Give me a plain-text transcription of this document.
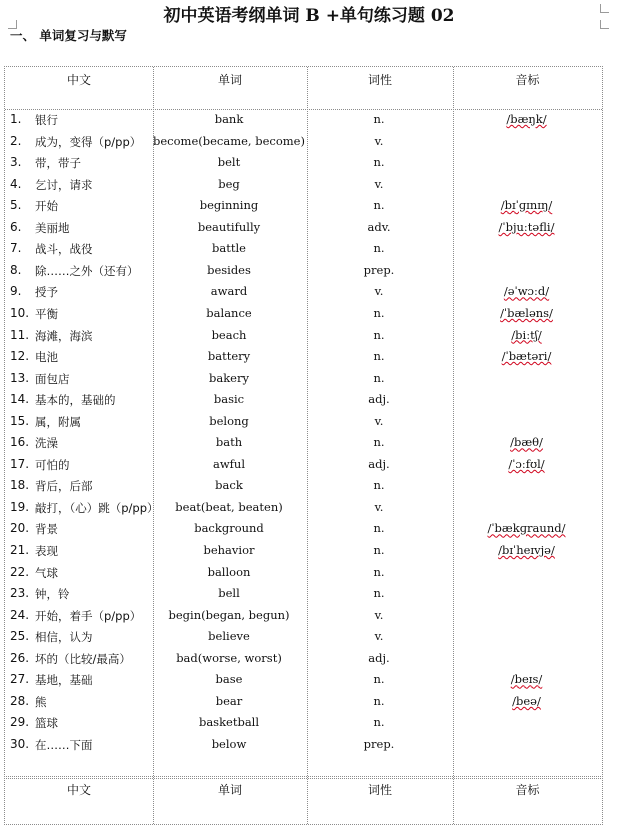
初中英语考纲单词 B +单句练习题 02
一、 单词复习与默写
中文	单词	词性	音标
中文	单词	词性	音标
1.	银行	bank	n.	/bæŋk/
2.	成为，变得（p/pp）	become(became, become)	v.
3.	带，带子	belt	n.
4.	乞讨，请求	beg	v.
5.	开始	beginning	n.	/bɪˈɡɪnɪŋ/
6.	美丽地	beautifully	adv.	/ˈbjuːtəfli/
7.	战斗，战役	battle	n.
8.	除……之外（还有）	besides	prep.
9.	授予	award	v.	/əˈwɔːd/
10. 平衡	balance	n.	/ˈbæləns/
11. 海滩，海滨	beach	n.	/biːtʃ/
12. 电池	battery	n.	/ˈbætəri/
13. 面包店	bakery	n.
14. 基本的，基础的	basic	adj.
15. 属，附属	belong	v.
16. 洗澡	bath	n.	/bæθ/
17. 可怕的	awful	adj.	/ˈɔːfʊl/
18. 背后，后部	back	n.
19. 敲打，（心）跳（p/pp）	beat(beat, beaten)	v.
20. 背景	background	n.	/ˈbækɡraund/
21. 表现	behavior	n.	/bɪˈheɪvjə/
22. 气球	balloon	n.
23. 钟，铃	bell	n.
24. 开始，着手（p/pp）	begin(began, begun)	v.
25. 相信，认为	believe	v.
26. 坏的（比较/最高）	bad(worse, worst)	adj.
27. 基地，基础	base	n.	/beɪs/
28. 熊	bear	n.	/beə/
29. 篮球	basketball	n.
30. 在……下面	below	prep.
